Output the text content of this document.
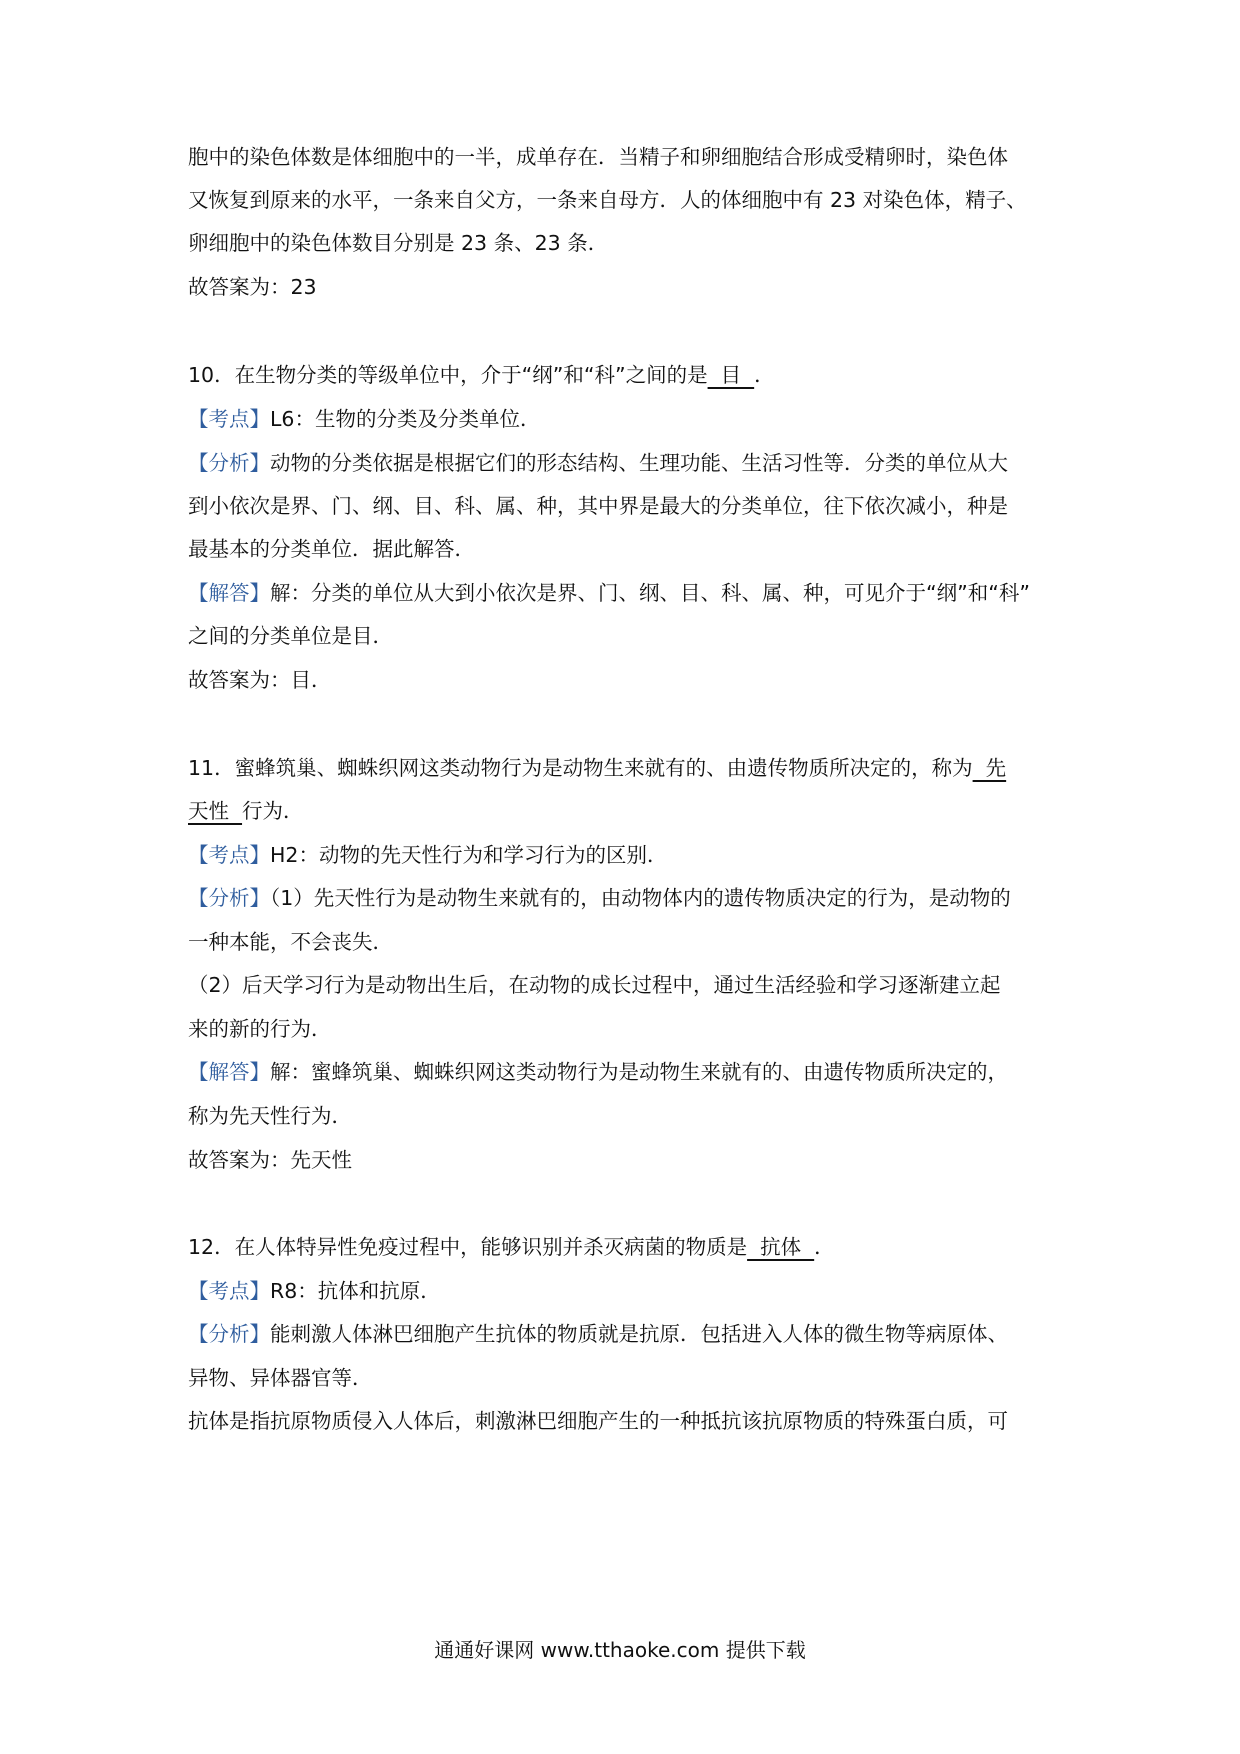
胞中的染色体数是体细胞中的一半，成单存在．当精子和卵细胞结合形成受精卵时，染色体
又恢复到原来的水平，一条来自父方，一条来自母方．人的体细胞中有 23 对染色体，精子、
卵细胞中的染色体数目分别是 23 条、23 条．
故答案为：23
10．在生物分类的等级单位中，介于“纲”和“科”之间的是  目  ．
【考点】L6：生物的分类及分类单位．
【分析】动物的分类依据是根据它们的形态结构、生理功能、生活习性等．分类的单位从大
到小依次是界、门、纲、目、科、属、种，其中界是最大的分类单位，往下依次减小，种是
最基本的分类单位．据此解答．
【解答】解：分类的单位从大到小依次是界、门、纲、目、科、属、种，可见介于“纲”和“科”
之间的分类单位是目．
故答案为：目．
11．蜜蜂筑巢、蜘蛛织网这类动物行为是动物生来就有的、由遗传物质所决定的，称为  先
天性  行为．
【考点】H2：动物的先天性行为和学习行为的区别．
【分析】（1）先天性行为是动物生来就有的，由动物体内的遗传物质决定的行为，是动物的
一种本能，不会丧失．
（2）后天学习行为是动物出生后，在动物的成长过程中，通过生活经验和学习逐渐建立起
来的新的行为．
【解答】解：蜜蜂筑巢、蜘蛛织网这类动物行为是动物生来就有的、由遗传物质所决定的，
称为先天性行为．
故答案为：先天性
12．在人体特异性免疫过程中，能够识别并杀灭病菌的物质是  抗体  ．
【考点】R8：抗体和抗原．
【分析】能刺激人体淋巴细胞产生抗体的物质就是抗原．包括进入人体的微生物等病原体、
异物、异体器官等．
抗体是指抗原物质侵入人体后，刺激淋巴细胞产生的一种抵抗该抗原物质的特殊蛋白质，可
通通好课网 www.tthaoke.com 提供下载
